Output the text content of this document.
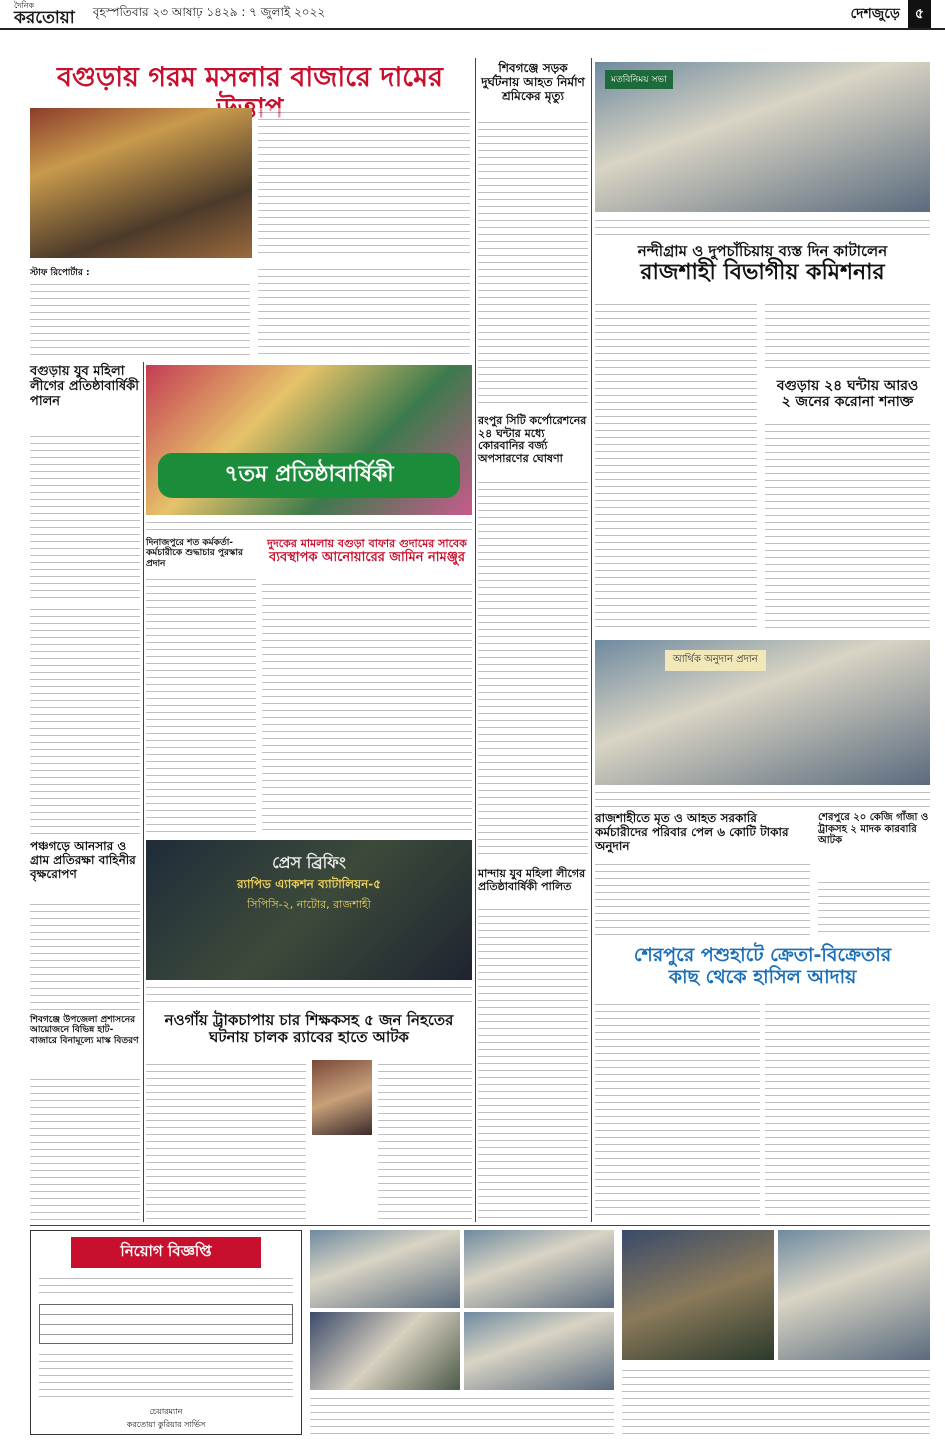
দৈনিক
করতোয়া বৃহস্পতিবার ২৩ আষাঢ় ১৪২৯ : ৭ জুলাই ২০২২	দেশজুড়ে	৫
বগুড়ায় গরম মসলার বাজারে দামের
স্টাফ রিপোর্টার :
শিবগঞ্জে সড়ক
দুর্ঘটনায় আহত নির্মাণ
শ্রমিকের মৃত্যু
মতবিনিময় সভা
নন্দীগ্রাম ও দুপচাঁচিয়ায় ব্যস্ত দিন কাটালেন
রাজশাহী বিভাগীয় কমিশনার
বগুড়ায় ২৪ ঘন্টায় আরও
২ জনের করোনা শনাক্ত
বগুড়ায় যুব মহিলা লীগের প্রতিষ্ঠাবার্ষিকী পালন
৭তম প্রতিষ্ঠাবার্ষিকী
রংপুর সিটি কর্পোরেশনের ২৪ ঘন্টার মধ্যে কোরবানির বর্জ্য অপসারণের ঘোষণা
দিনাজপুরে শত কর্মকর্তা-কর্মচারীকে শুদ্ধাচার পুরস্কার প্রদান
দুদকের মামলায় বগুড়া বাফার গুদামের সাবেক
ব্যবস্থাপক আনোয়ারের জামিন নামঞ্জুর
আর্থিক অনুদান প্রদান
রাজশাহীতে মৃত ও আহত সরকারি কর্মচারীদের পরিবার পেল ৬ কোটি টাকার অনুদান
শেরপুরে ২০ কেজি গাঁজা ও ট্রাকসহ ২ মাদক কারবারি আটক
পঞ্চগড়ে আনসার ও গ্রাম প্রতিরক্ষা বাহিনীর বৃক্ষরোপণ
প্রেস ব্রিফিং
র‍্যাপিড এ্যাকশন ব্যাটালিয়ন-৫
সিপিসি-২, নাটোর, রাজশাহী
নওগাঁয় ট্রাকচাপায় চার শিক্ষকসহ ৫ জন নিহতের
ঘটনায় চালক র‍্যাবের হাতে আটক
শিবগঞ্জে উপজেলা প্রশাসনের আয়োজনে বিভিন্ন হাট-বাজারে বিনামূল্যে মাস্ক বিতরণ
মান্দায় যুব মহিলা লীগের প্রতিষ্ঠাবার্ষিকী পালিত
শেরপুরে পশুহাটে ক্রেতা-বিক্রেতার
কাছ থেকে হাসিল আদায়
নিয়োগ বিজ্ঞপ্তি
চেয়ারম্যান
করতোয়া কুরিয়ার সার্ভিস
